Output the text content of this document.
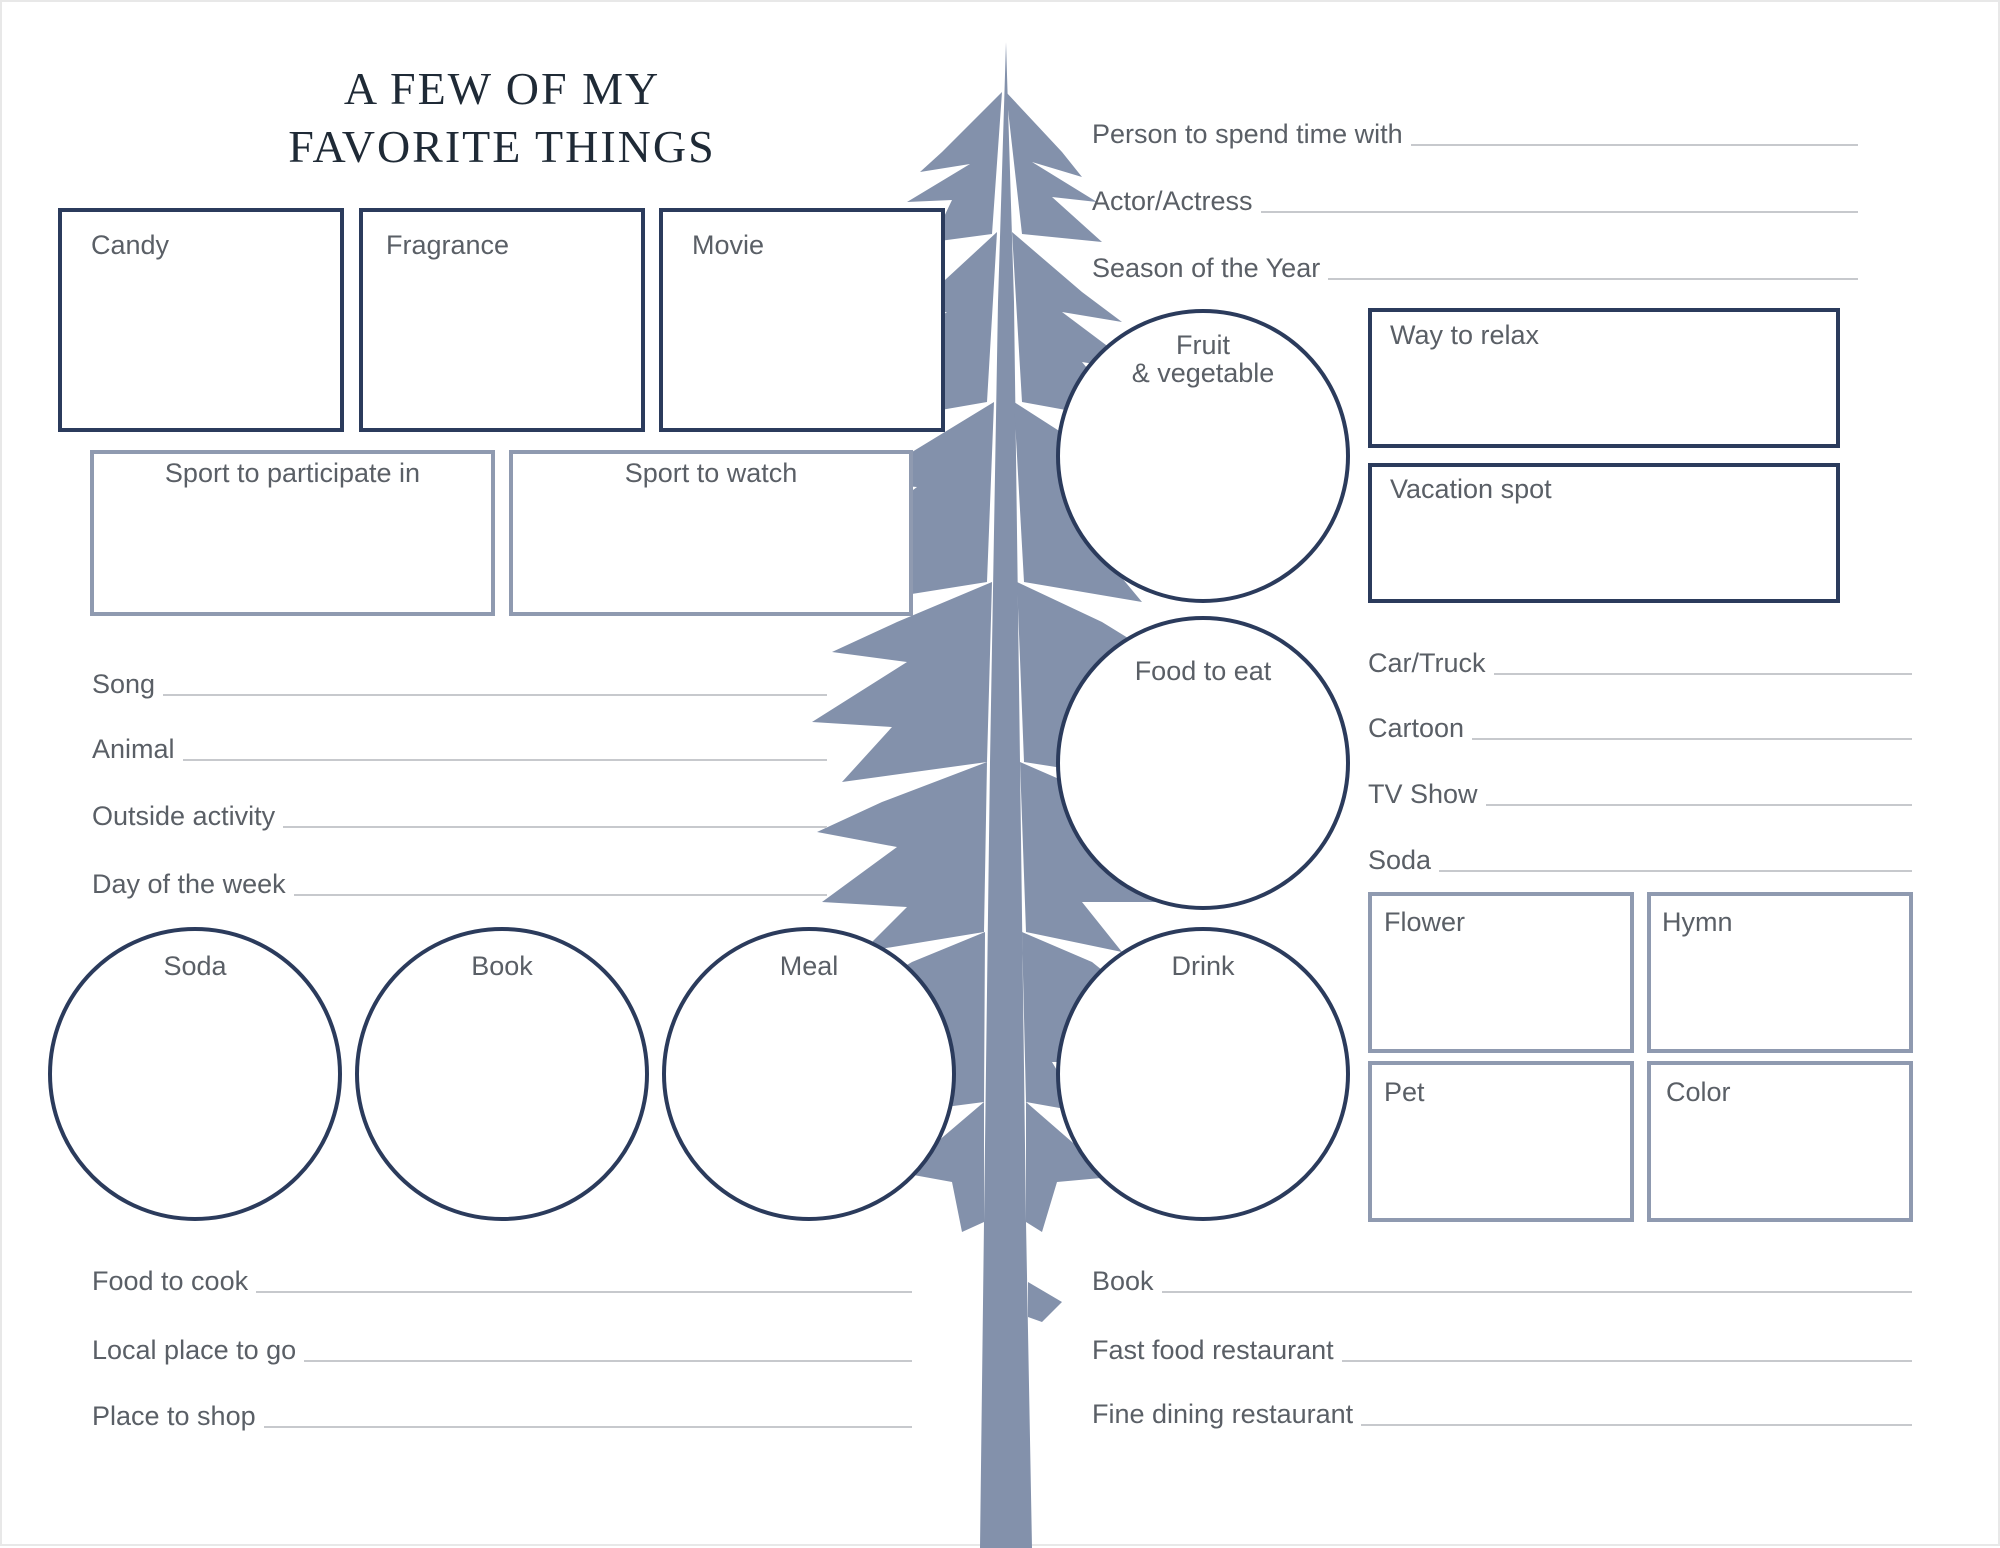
A FEW OF MY
FAVORITE THINGS
Candy	Fragrance	Movie
Sport to participate in	Sport to watch
Song
Animal
Outside activity
Day of the week
Soda	Book	Meal
Food to cook
Local place to go
Place to shop
Person to spend time with
Actor/Actress
Season of the Year
Fruit
& vegetable
Food to eat
Drink
Way to relax
Vacation spot
Car/Truck
Cartoon
TV Show
Soda
Flower	Hymn
Pet	Color
Book
Fast food restaurant
Fine dining restaurant
